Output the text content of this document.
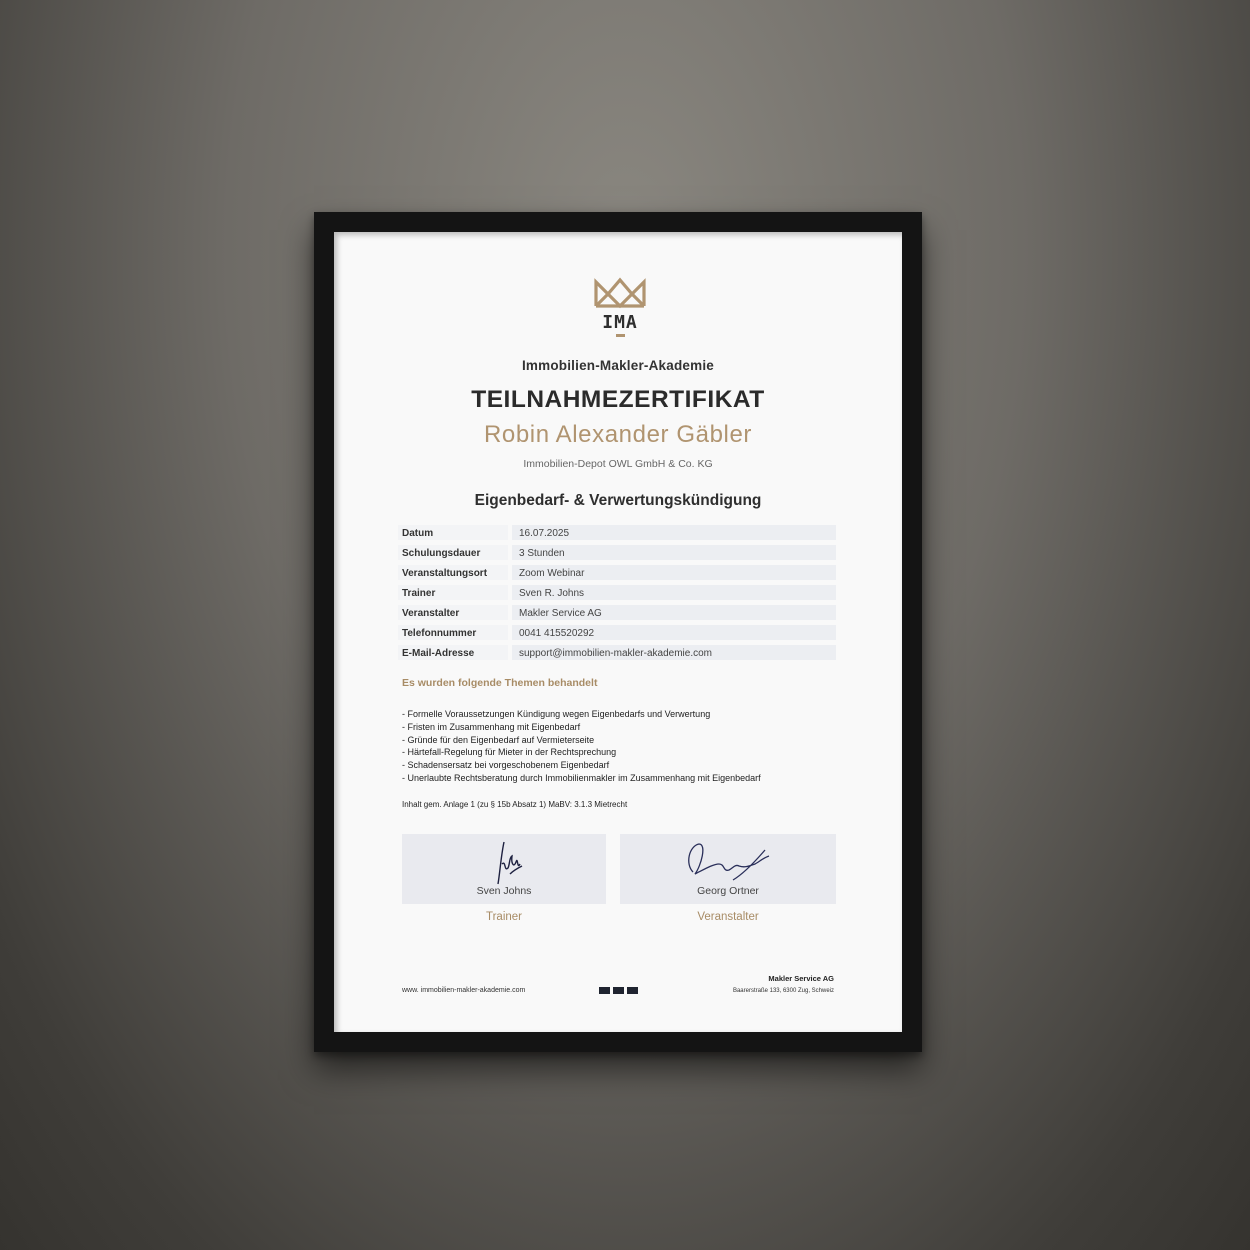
IMA
Immobilien-Makler-Akademie
TEILNAHMEZERTIFIKAT
Robin Alexander Gäbler
Immobilien-Depot OWL GmbH & Co. KG
Eigenbedarf- & Verwertungskündigung
Datum	16.07.2025
Schulungsdauer	3 Stunden
Veranstaltungsort	Zoom Webinar
Trainer	Sven R. Johns
Veranstalter	Makler Service AG
Telefonnummer	0041 415520292
E-Mail-Adresse	support@immobilien-makler-akademie.com
Es wurden folgende Themen behandelt
- Formelle Voraussetzungen Kündigung wegen Eigenbedarfs und Verwertung
- Fristen im Zusammenhang mit Eigenbedarf
- Gründe für den Eigenbedarf auf Vermieterseite
- Härtefall-Regelung für Mieter in der Rechtsprechung
- Schadensersatz bei vorgeschobenem Eigenbedarf
- Unerlaubte Rechtsberatung durch Immobilienmakler im Zusammenhang mit Eigenbedarf
Inhalt gem. Anlage 1 (zu § 15b Absatz 1) MaBV: 3.1.3 Mietrecht
Sven Johns	Georg Ortner
Trainer	Veranstalter
www. immobilien-makler-akademie.com
Makler Service AG
Baarerstraße 133, 6300 Zug, Schweiz
